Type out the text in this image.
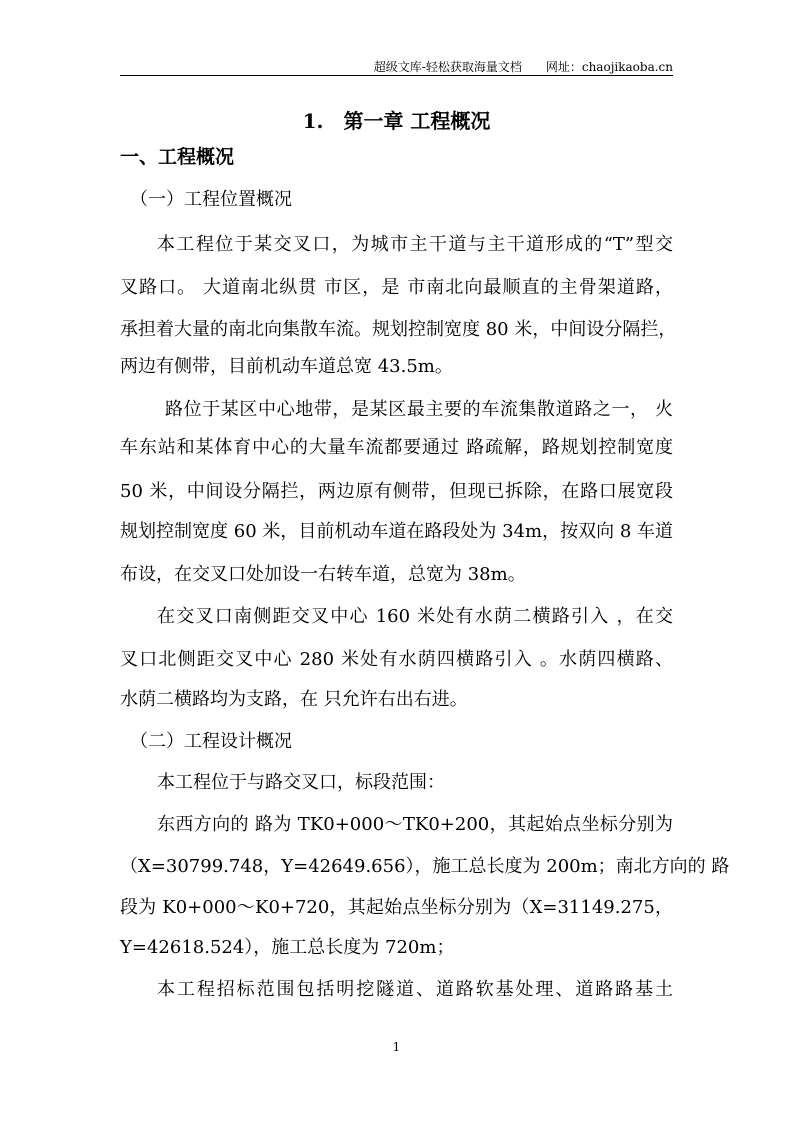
超级文库-轻松获取海量文档　　 网址：chaojikaoba.cn
1.　第一章 工程概况
一、工程概况
（一）工程位置概况
本工程位于某交叉口，为城市主干道与主干道形成的“T”型交
叉路口。 大道南北纵贯 市区，是 市南北向最顺直的主骨架道路，
承担着大量的南北向集散车流。规划控制宽度 80 米，中间设分隔拦，
两边有侧带，目前机动车道总宽 43.5m。
路位于某区中心地带，是某区最主要的车流集散道路之一， 火
车东站和某体育中心的大量车流都要通过 路疏解，路规划控制宽度
50 米，中间设分隔拦，两边原有侧带，但现已拆除，在路口展宽段
规划控制宽度 60 米，目前机动车道在路段处为 34m，按双向 8 车道
布设，在交叉口处加设一右转车道，总宽为 38m。
在交叉口南侧距交叉中心 160 米处有水荫二横路引入 ，在交
叉口北侧距交叉中心 280 米处有水荫四横路引入 。水荫四横路、
水荫二横路均为支路，在 只允许右出右进。
（二）工程设计概况
本工程位于与路交叉口，标段范围：
东西方向的 路为 TK0+000～TK0+200，其起始点坐标分别为
（X=30799.748，Y=42649.656），施工总长度为 200m；南北方向的 路
段为 K0+000～K0+720，其起始点坐标分别为（X=31149.275，
Y=42618.524），施工总长度为 720m；
本工程招标范围包括明挖隧道、道路软基处理、道路路基土
1
